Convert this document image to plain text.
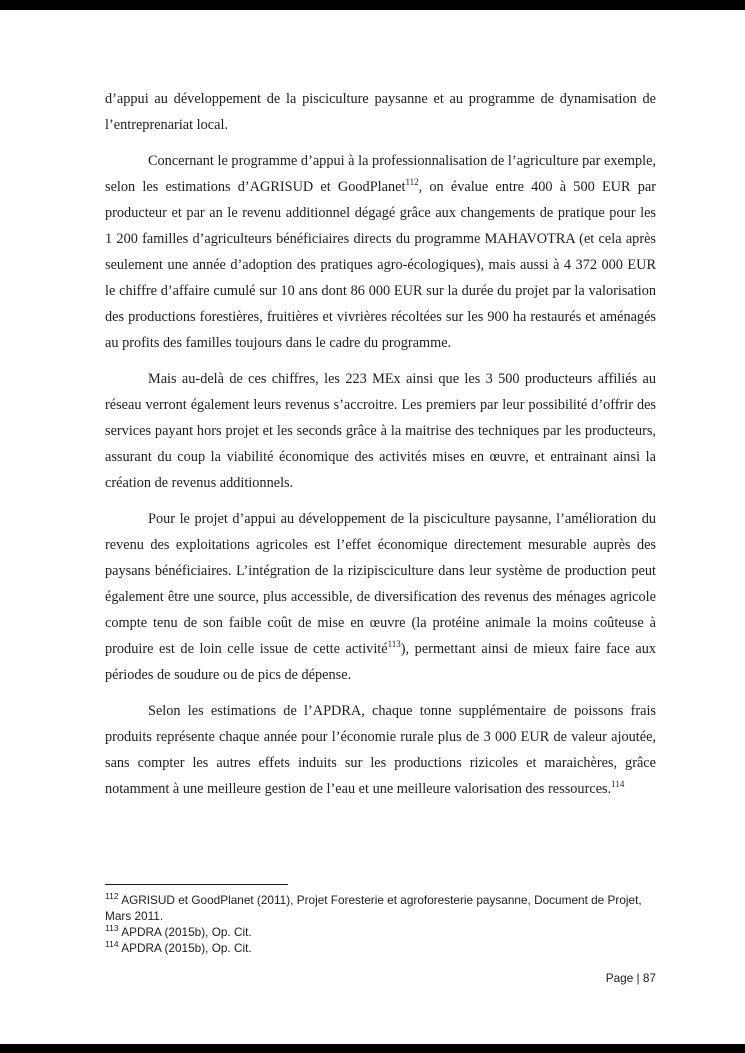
d’appui au développement de la pisciculture paysanne et au programme de dynamisation de l’entreprenariat local.

Concernant le programme d’appui à la professionnalisation de l’agriculture par exemple, selon les estimations d’AGRISUD et GoodPlanet$^{112}$, on évalue entre 400 à 500 EUR par producteur et par an le revenu additionnel dégagé grâce aux changements de pratique pour les 1 200 familles d’agriculteurs bénéficiaires directs du programme MAHAVOTRA (et cela après seulement une année d’adoption des pratiques agro-écologiques), mais aussi à 4 372 000 EUR le chiffre d’affaire cumulé sur 10 ans dont 86 000 EUR sur la durée du projet par la valorisation des productions forestières, fruitières et vivrières récoltées sur les 900 ha restaurés et aménagés au profits des familles toujours dans le cadre du programme.

Mais au-delà de ces chiffres, les 223 MEx ainsi que les 3 500 producteurs affiliés au réseau verront également leurs revenus s’accroitre. Les premiers par leur possibilité d’offrir des services payant hors projet et les seconds grâce à la maitrise des techniques par les producteurs, assurant du coup la viabilité économique des activités mises en œuvre, et entrainant ainsi la création de revenus additionnels.

Pour le projet d’appui au développement de la pisciculture paysanne, l’amélioration du revenu des exploitations agricoles est l’effet économique directement mesurable auprès des paysans bénéficiaires. L’intégration de la rizipisciculture dans leur système de production peut également être une source, plus accessible, de diversification des revenus des ménages agricole compte tenu de son faible coût de mise en œuvre (la protéine animale la moins coûteuse à produire est de loin celle issue de cette activité$^{113}$), permettant ainsi de mieux faire face aux périodes de soudure ou de pics de dépense.

Selon les estimations de l’APDRA, chaque tonne supplémentaire de poissons frais produits représente chaque année pour l’économie rurale plus de 3 000 EUR de valeur ajoutée, sans compter les autres effets induits sur les productions rizicoles et maraichères, grâce notamment à une meilleure gestion de l’eau et une meilleure valorisation des ressources.$^{114}$

$^{112}$ AGRISUD et GoodPlanet (2011), Projet Foresterie et agroforesterie paysanne, Document de Projet, Mars 2011.
$^{113}$ APDRA (2015b), Op. Cit.
$^{114}$ APDRA (2015b), Op. Cit.
Page | 87
